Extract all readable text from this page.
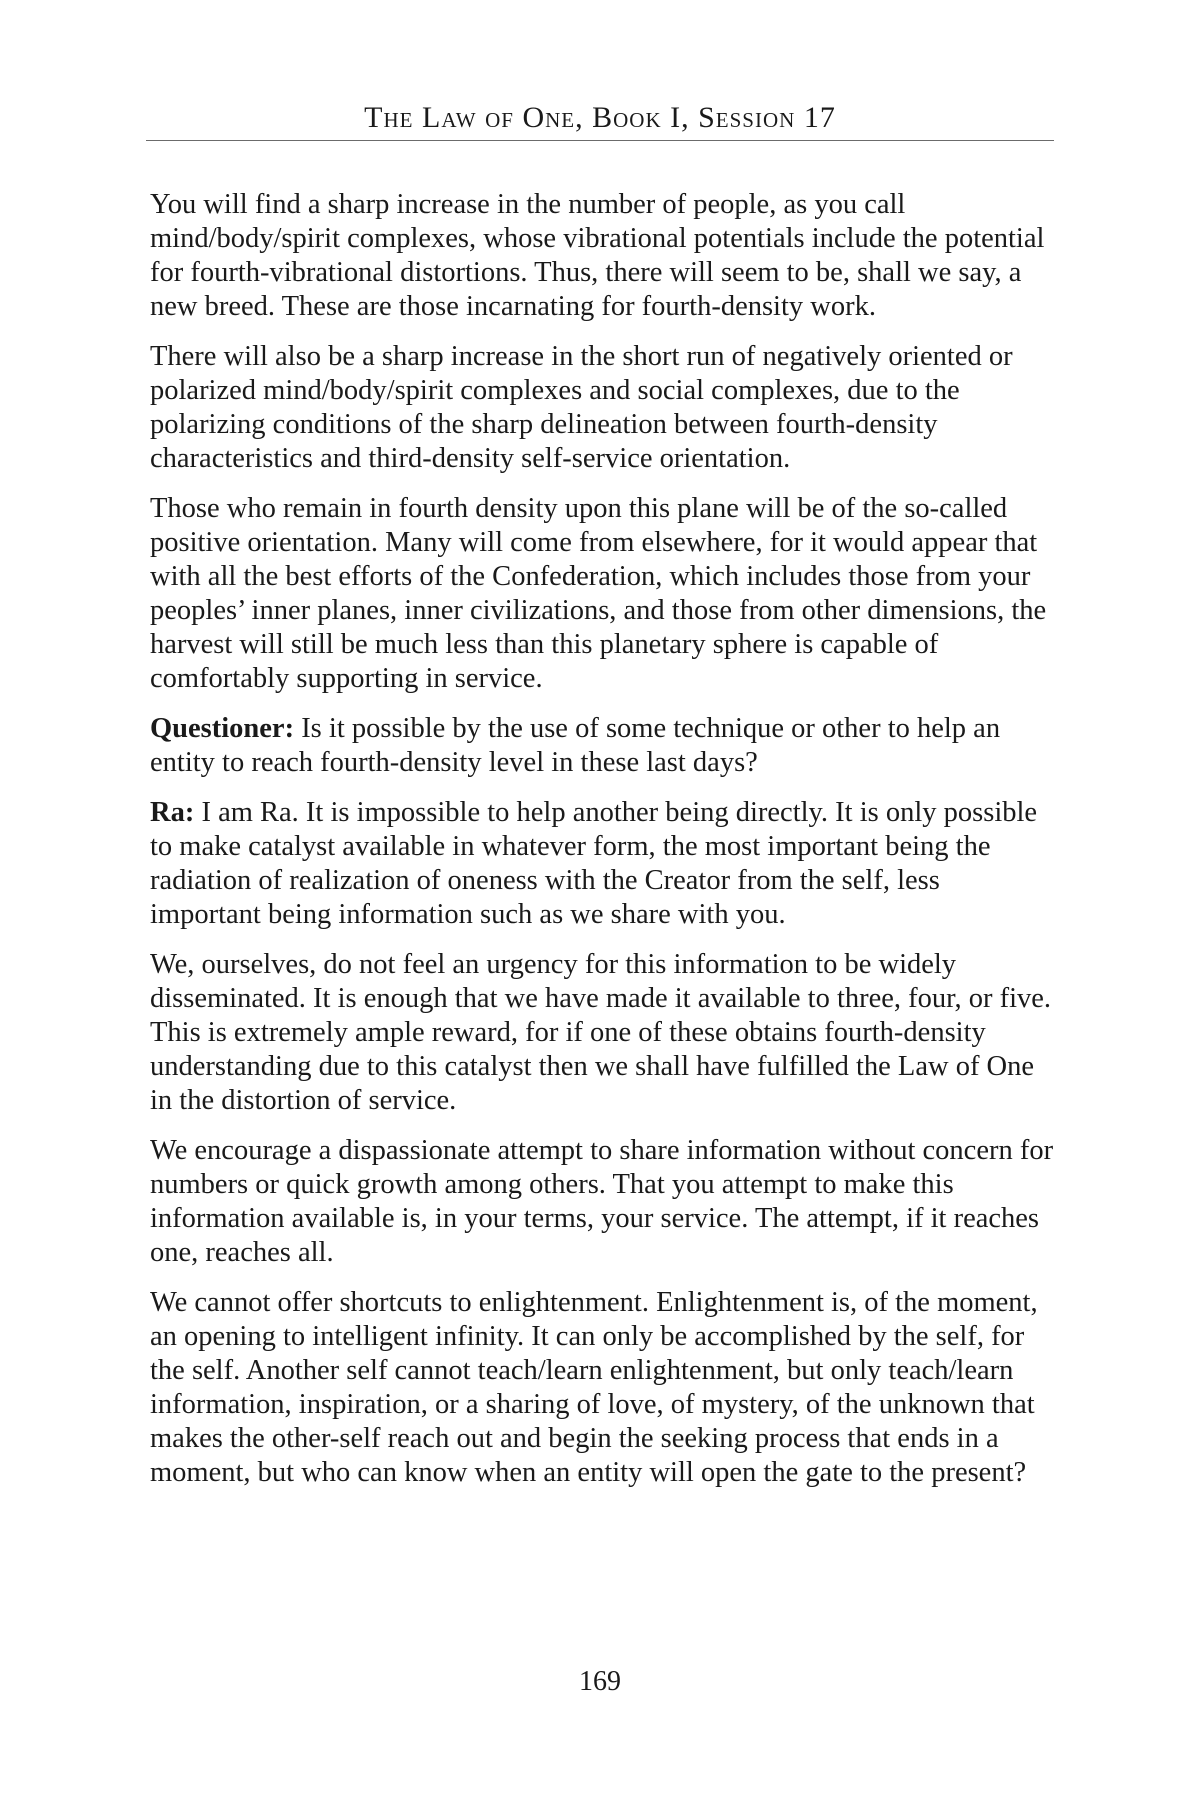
The Law of One, Book I, Session 17

You will find a sharp increase in the number of people, as you call mind/body/spirit complexes, whose vibrational potentials include the potential for fourth-vibrational distortions. Thus, there will seem to be, shall we say, a new breed. These are those incarnating for fourth-density work.

There will also be a sharp increase in the short run of negatively oriented or polarized mind/body/spirit complexes and social complexes, due to the polarizing conditions of the sharp delineation between fourth-density characteristics and third-density self-service orientation.

Those who remain in fourth density upon this plane will be of the so-called positive orientation. Many will come from elsewhere, for it would appear that with all the best efforts of the Confederation, which includes those from your peoples’ inner planes, inner civilizations, and those from other dimensions, the harvest will still be much less than this planetary sphere is capable of comfortably supporting in service.

Questioner: Is it possible by the use of some technique or other to help an entity to reach fourth-density level in these last days?

Ra: I am Ra. It is impossible to help another being directly. It is only possible to make catalyst available in whatever form, the most important being the radiation of realization of oneness with the Creator from the self, less important being information such as we share with you.

We, ourselves, do not feel an urgency for this information to be widely disseminated. It is enough that we have made it available to three, four, or five. This is extremely ample reward, for if one of these obtains fourth-density understanding due to this catalyst then we shall have fulfilled the Law of One in the distortion of service.

We encourage a dispassionate attempt to share information without concern for numbers or quick growth among others. That you attempt to make this information available is, in your terms, your service. The attempt, if it reaches one, reaches all.

We cannot offer shortcuts to enlightenment. Enlightenment is, of the moment, an opening to intelligent infinity. It can only be accomplished by the self, for the self. Another self cannot teach/learn enlightenment, but only teach/learn information, inspiration, or a sharing of love, of mystery, of the unknown that makes the other-self reach out and begin the seeking process that ends in a moment, but who can know when an entity will open the gate to the present?

169
